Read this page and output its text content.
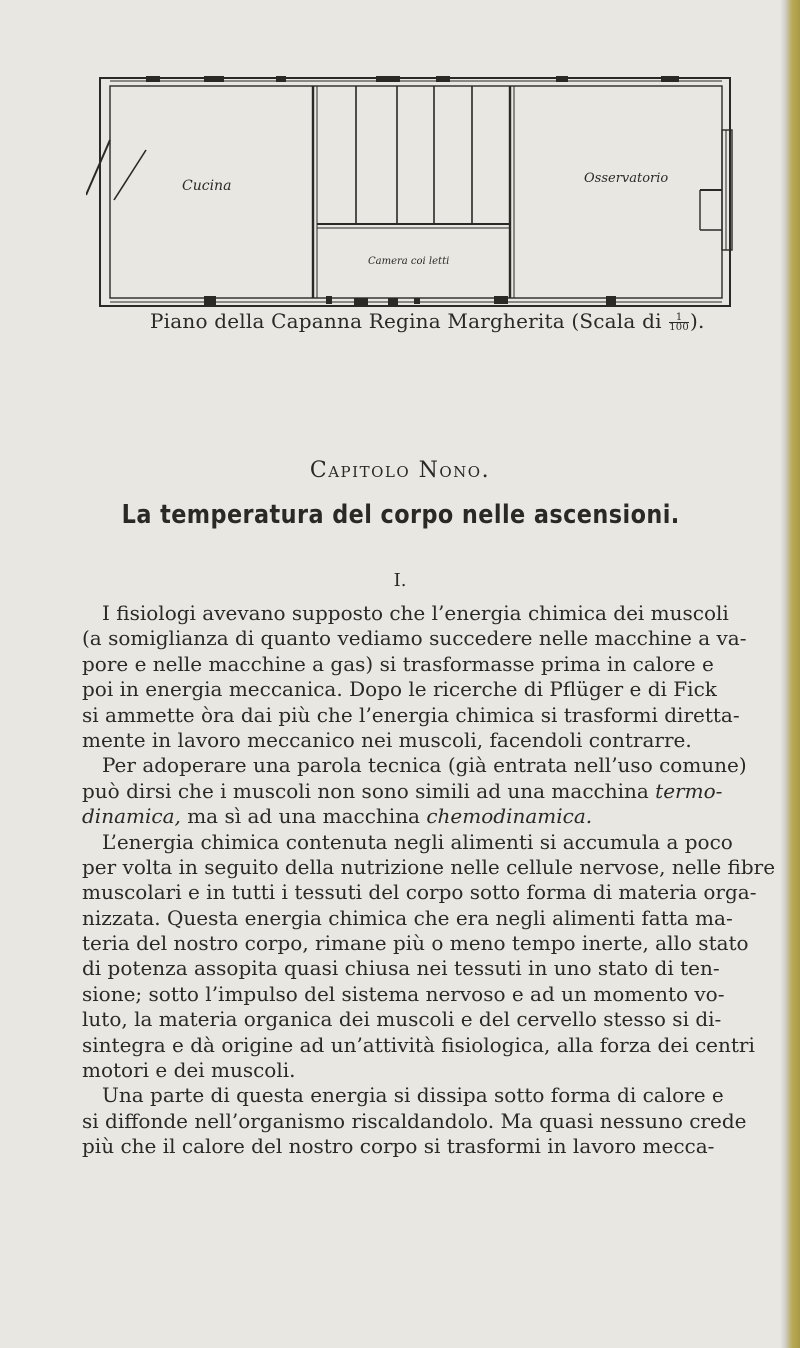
Cucina	Osservatorio
Camera coi letti
Piano della Capanna Regina Margherita (Scala di $\frac{1}{100}$ ).
Capitolo Nono.
La temperatura del corpo nelle ascensioni.
I.
I fisiologi avevano supposto che l’energia chimica dei muscoli
(a somiglianza di quanto vediamo succedere nelle macchine a va-
pore e nelle macchine a gas) si trasformasse prima in calore e
poi in energia meccanica. Dopo le ricerche di Pflüger e di Fick
si ammette òra dai più che l’energia chimica si trasformi diretta-
mente in lavoro meccanico nei muscoli, facendoli contrarre.
Per adoperare una parola tecnica (già entrata nell’uso comune)
può dirsi che i muscoli non sono simili ad una macchina termo-
dinamica, ma sì ad una macchina chemodinamica.
L’energia chimica contenuta negli alimenti si accumula a poco
per volta in seguito della nutrizione nelle cellule nervose, nelle fibre
muscolari e in tutti i tessuti del corpo sotto forma di materia orga-
nizzata. Questa energia chimica che era negli alimenti fatta ma-
teria del nostro corpo, rimane più o meno tempo inerte, allo stato
di potenza assopita quasi chiusa nei tessuti in uno stato di ten-
sione; sotto l’impulso del sistema nervoso e ad un momento vo-
luto, la materia organica dei muscoli e del cervello stesso si di-
sintegra e dà origine ad un’attività fisiologica, alla forza dei centri
motori e dei muscoli.
Una parte di questa energia si dissipa sotto forma di calore e
si diffonde nell’organismo riscaldandolo. Ma quasi nessuno crede
più che il calore del nostro corpo si trasformi in lavoro mecca-
